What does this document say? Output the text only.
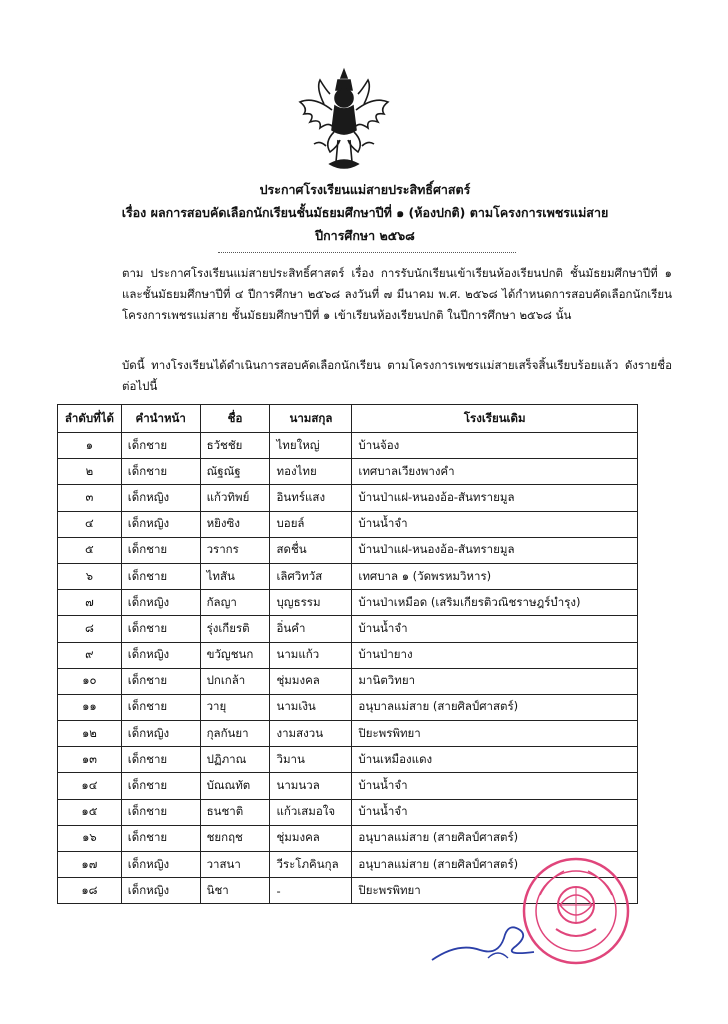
ประกาศโรงเรียนแม่สายประสิทธิ์ศาสตร์
เรื่อง ผลการสอบคัดเลือกนักเรียนชั้นมัธยมศึกษาปีที่ ๑ (ห้องปกติ) ตามโครงการเพชรแม่สาย
ปีการศึกษา ๒๕๖๘

ตาม ประกาศโรงเรียนแม่สายประสิทธิ์ศาสตร์ เรื่อง การรับนักเรียนเข้าเรียนห้องเรียนปกติ ชั้นมัธยมศึกษาปีที่ ๑ และชั้นมัธยมศึกษาปีที่ ๔ ปีการศึกษา ๒๕๖๘ ลงวันที่ ๗ มีนาคม พ.ศ. ๒๕๖๘ ได้กำหนดการสอบคัดเลือกนักเรียนโครงการเพชรแม่สาย ชั้นมัธยมศึกษาปีที่ ๑ เข้าเรียนห้องเรียนปกติ ในปีการศึกษา ๒๕๖๘ นั้น

บัดนี้ ทางโรงเรียนได้ดำเนินการสอบคัดเลือกนักเรียน ตามโครงการเพชรแม่สายเสร็จสิ้นเรียบร้อยแล้ว ดังรายชื่อต่อไปนี้

ลำดับที่ได้	คำนำหน้า	ชื่อ	นามสกุล	โรงเรียนเดิม
๑	เด็กชาย	ธวัชชัย	ไทยใหญ่	บ้านจ้อง
๒	เด็กชาย	ณัฐณัฐ	ทองไทย	เทศบาลเวียงพางคำ
๓	เด็กหญิง	แก้วทิพย์	อินทร์แสง	บ้านป่าแฝ-หนองอ้อ-สันทรายมูล
๔	เด็กหญิง	หยิงซิง	บอยล์	บ้านน้ำจำ
๕	เด็กชาย	วรากร	สดชื่น	บ้านป่าแฝ-หนองอ้อ-สันทรายมูล
๖	เด็กชาย	ไทสัน	เลิศวิทวัส	เทศบาล ๑ (วัดพรหมวิหาร)
๗	เด็กหญิง	กัลญา	บุญธรรม	บ้านป่าเหมือด (เสริมเกียรติวณิชราษฎร์บำรุง)
๘	เด็กชาย	รุ่งเกียรติ	อิ่นคำ	บ้านน้ำจำ
๙	เด็กหญิง	ขวัญชนก	นามแก้ว	บ้านป่ายาง
๑๐	เด็กชาย	ปกเกล้า	ชุ่มมงคล	มานิตวิทยา
๑๑	เด็กชาย	วายุ	นามเงิน	อนุบาลแม่สาย (สายศิลป์ศาสตร์)
๑๒	เด็กหญิง	กุลกันยา	งามสงวน	ปิยะพรพิทยา
๑๓	เด็กชาย	ปฏิภาณ	วิมาน	บ้านเหมืองแดง
๑๔	เด็กชาย	บัณณทัต	นามนวล	บ้านน้ำจำ
๑๕	เด็กชาย	ธนชาติ	แก้วเสมอใจ	บ้านน้ำจำ
๑๖	เด็กชาย	ชยกฤช	ชุ่มมงคล	อนุบาลแม่สาย (สายศิลป์ศาสตร์)
๑๗	เด็กหญิง	วาสนา	วีระโภคินกุล	อนุบาลแม่สาย (สายศิลป์ศาสตร์)
๑๘	เด็กหญิง	นิชา	-	ปิยะพรพิทยา
